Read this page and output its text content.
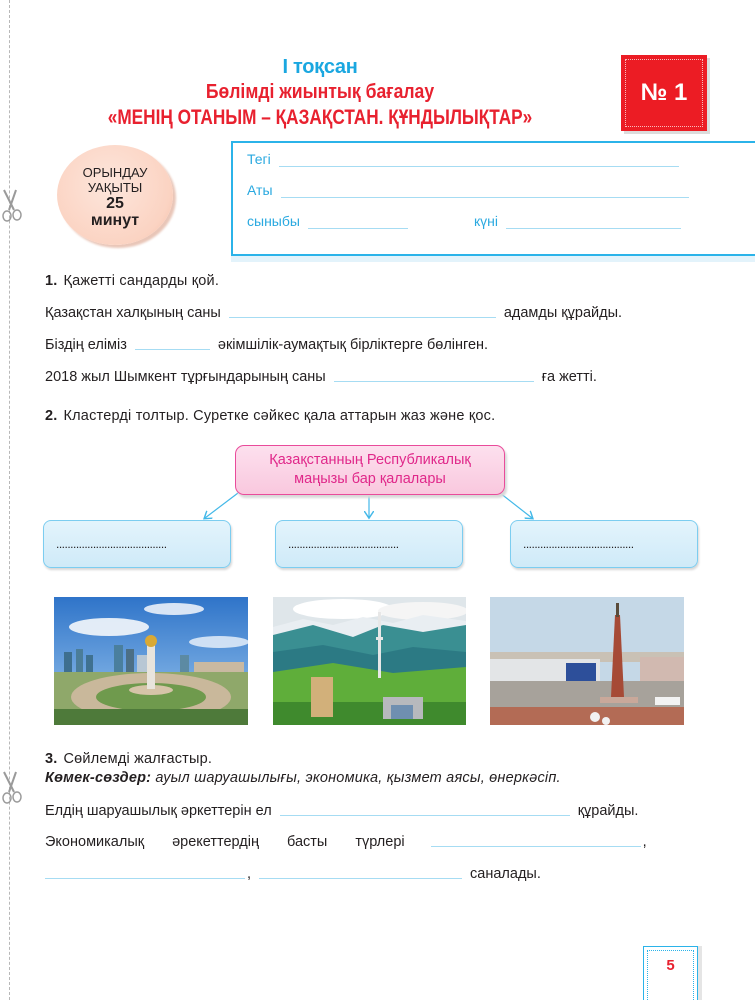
І тоқсан
Бөлімді жиынтық бағалау
«МЕНІҢ ОТАНЫМ – ҚАЗАҚСТАН. ҚҰНДЫЛЫҚТАР»
№ 1
ОРЫНДАУ
УАҚЫТЫ
25
минут
Тегі
Аты
сыныбы	күні
1. Қажетті сандарды қой.
Қазақстан халқының саны	адамды құрайды.
Біздің еліміз	әкімшілік-аумақтық бірліктерге бөлінген.
2018 жыл Шымкент тұрғындарының саны	ға жетті.
2. Кластерді толтыр. Суретке сәйкес қала аттарын жаз және қос.
Қазақстанның Республикалық
маңызы бар қалалары
.......................................	.......................................	.......................................
3. Сөйлемді жалғастыр.
Көмек-сөздер: ауыл шаруашылығы, экономика, қызмет аясы, өнеркәсіп.
Елдің шаруашылық әркеттерін ел	құрайды.
Экономикалық әрекеттердің басты түрлері	,
,	саналады.
5
